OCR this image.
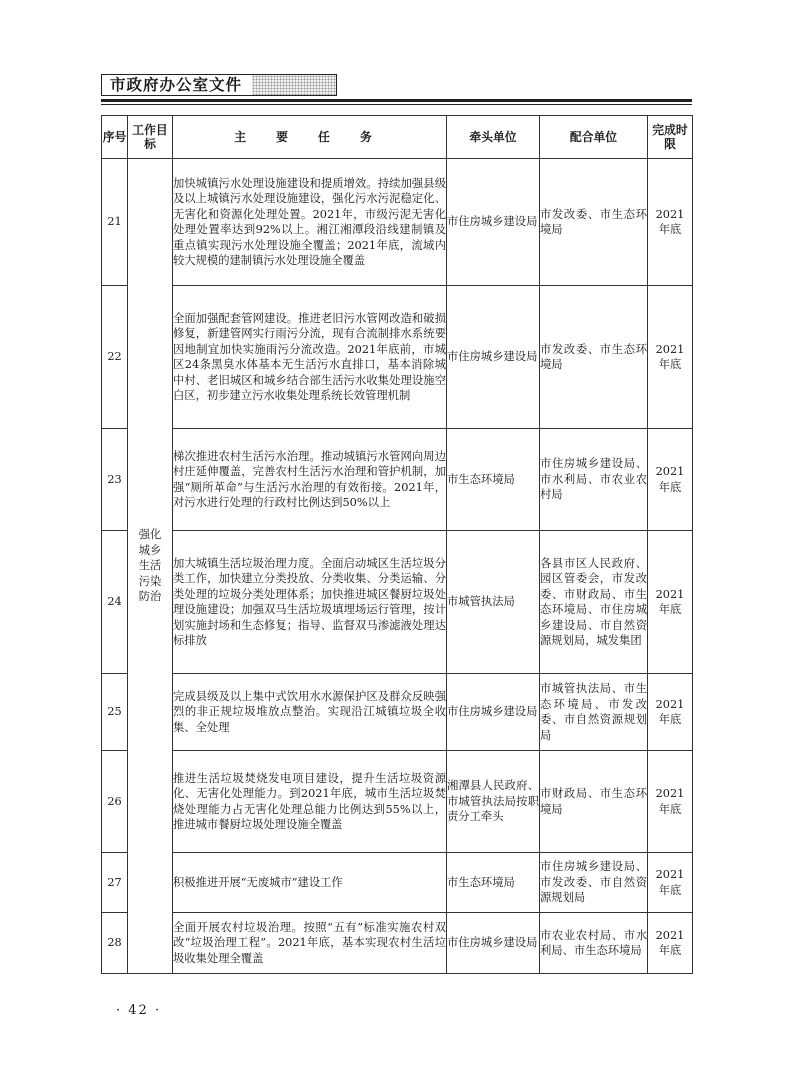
市政府办公室文件
序号	工作目标	主 要 任 务	牵头单位	配合单位	完成时限
21	强化城乡生活污染防治	加快城镇污水处理设施建设和提质增效。持续加强县级及以上城镇污水处理设施建设，强化污水污泥稳定化、无害化和资源化处理处置。2021年，市级污泥无害化处理处置率达到92%以上。湘江湘潭段沿线建制镇及重点镇实现污水处理设施全覆盖；2021年底，流域内较大规模的建制镇污水处理设施全覆盖	市住房城乡建设局	市发改委、市生态环境局	2021年底
22		全面加强配套管网建设。推进老旧污水管网改造和破损修复，新建管网实行雨污分流，现有合流制排水系统要因地制宜加快实施雨污分流改造。2021年底前，市城区24条黑臭水体基本无生活污水直排口，基本消除城中村、老旧城区和城乡结合部生活污水收集处理设施空白区，初步建立污水收集处理系统长效管理机制	市住房城乡建设局	市发改委、市生态环境局	2021年底
23		梯次推进农村生活污水治理。推动城镇污水管网向周边村庄延伸覆盖，完善农村生活污水治理和管护机制，加强“厕所革命”与生活污水治理的有效衔接。2021年，对污水进行处理的行政村比例达到50%以上	市生态环境局	市住房城乡建设局、市水利局、市农业农村局	2021年底
24		加大城镇生活垃圾治理力度。全面启动城区生活垃圾分类工作，加快建立分类投放、分类收集、分类运输、分类处理的垃圾分类处理体系；加快推进城区餐厨垃圾处理设施建设；加强双马生活垃圾填埋场运行管理，按计划实施封场和生态修复；指导、监督双马渗滤液处理达标排放	市城管执法局	各县市区人民政府、园区管委会，市发改委、市财政局、市生态环境局、市住房城乡建设局、市自然资源规划局，城发集团	2021年底
25		完成县级及以上集中式饮用水水源保护区及群众反映强烈的非正规垃圾堆放点整治。实现沿江城镇垃圾全收集、全处理	市住房城乡建设局	市城管执法局、市生态环境局、市发改委、市自然资源规划局	2021年底
26		推进生活垃圾焚烧发电项目建设，提升生活垃圾资源化、无害化处理能力。到2021年底，城市生活垃圾焚烧处理能力占无害化处理总能力比例达到55%以上，推进城市餐厨垃圾处理设施全覆盖	湘潭县人民政府、市城管执法局按职责分工牵头	市财政局、市生态环境局	2021年底
27		积极推进开展“无废城市”建设工作	市生态环境局	市住房城乡建设局、市发改委、市自然资源规划局	2021年底
28		全面开展农村垃圾治理。按照“五有”标准实施农村双改“垃圾治理工程”。2021年底，基本实现农村生活垃圾收集处理全覆盖	市住房城乡建设局	市农业农村局、市水利局、市生态环境局	2021年底
· 42 ·
